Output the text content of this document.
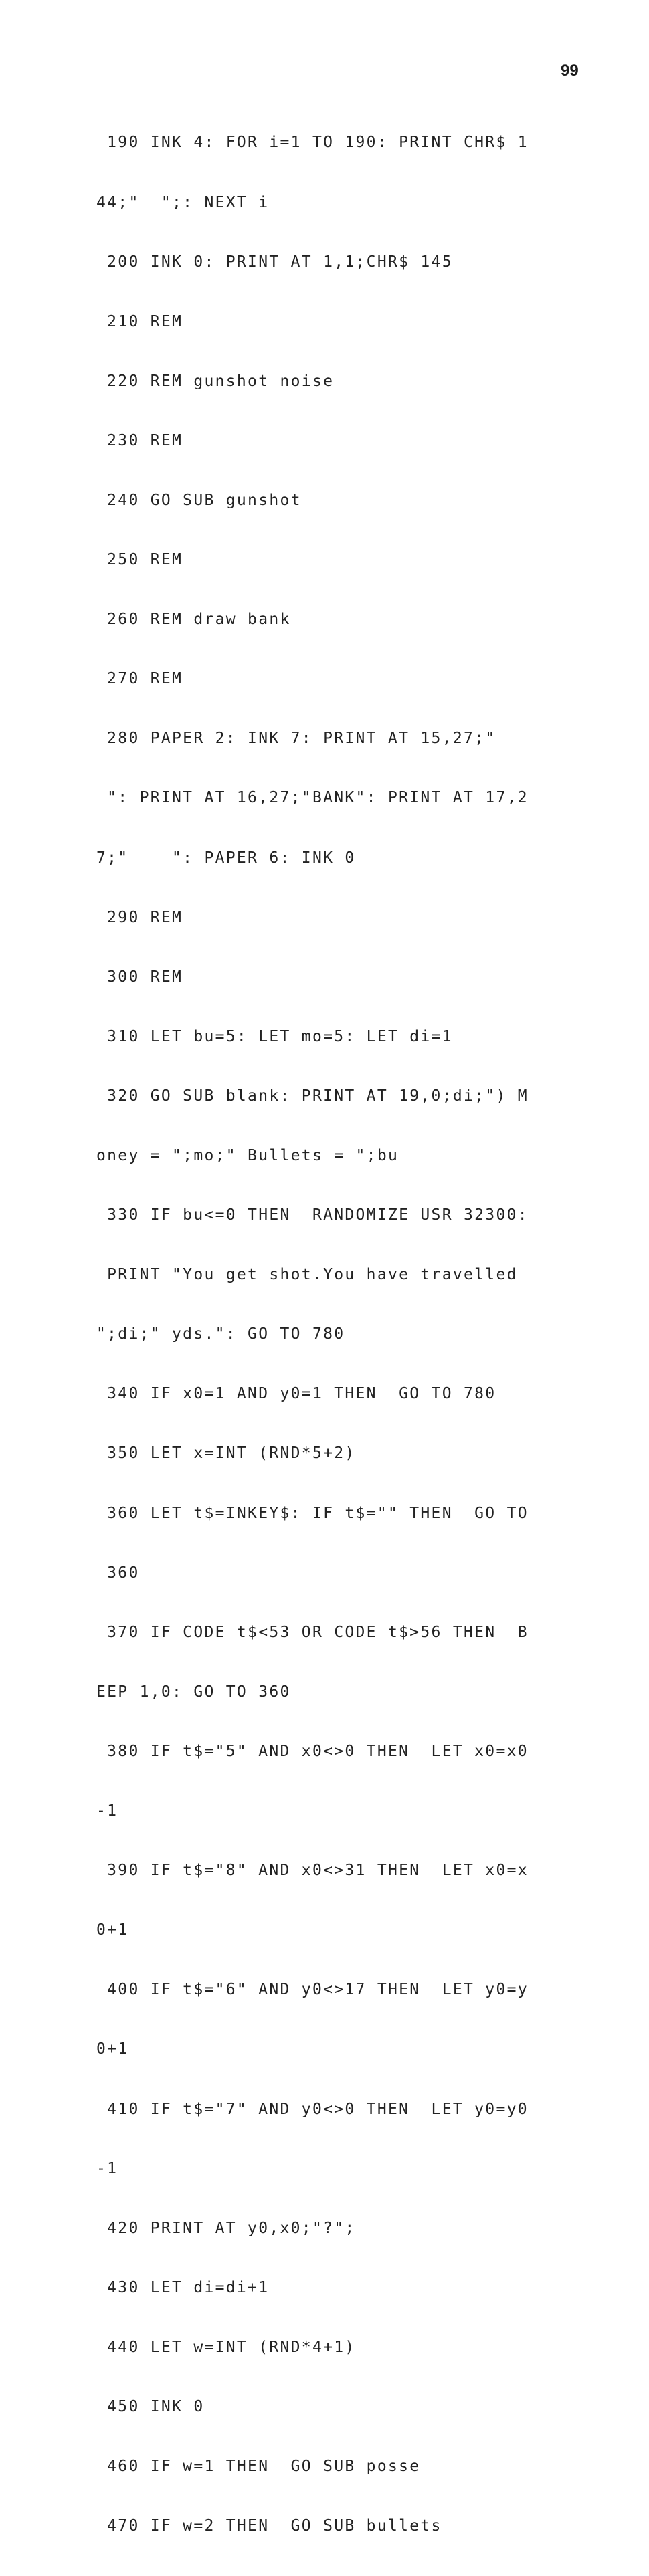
99

190 INK 4: FOR i=1 TO 190: PRINT CHR$ 1

44;"  ";: NEXT i

200 INK 0: PRINT AT 1,1;CHR$ 145

210 REM

220 REM gunshot noise

230 REM

240 GO SUB gunshot

250 REM

260 REM draw bank

270 REM

280 PAPER 2: INK 7: PRINT AT 15,27;"

": PRINT AT 16,27;"BANK": PRINT AT 17,2

7;"    ": PAPER 6: INK 0

290 REM

300 REM

310 LET bu=5: LET mo=5: LET di=1

320 GO SUB blank: PRINT AT 19,0;di;") M

oney = ";mo;" Bullets = ";bu

330 IF bu<=0 THEN  RANDOMIZE USR 32300:

PRINT "You get shot.You have travelled

";di;" yds.": GO TO 780

340 IF x0=1 AND y0=1 THEN  GO TO 780

350 LET x=INT (RND*5+2)

360 LET t$=INKEY$: IF t$="" THEN  GO TO

360

370 IF CODE t$<53 OR CODE t$>56 THEN  B

EEP 1,0: GO TO 360

380 IF t$="5" AND x0<>0 THEN  LET x0=x0

-1

390 IF t$="8" AND x0<>31 THEN  LET x0=x

0+1

400 IF t$="6" AND y0<>17 THEN  LET y0=y

0+1

410 IF t$="7" AND y0<>0 THEN  LET y0=y0

-1

420 PRINT AT y0,x0;"?";

430 LET di=di+1

440 LET w=INT (RND*4+1)

450 INK 0

460 IF w=1 THEN  GO SUB posse

470 IF w=2 THEN  GO SUB bullets
